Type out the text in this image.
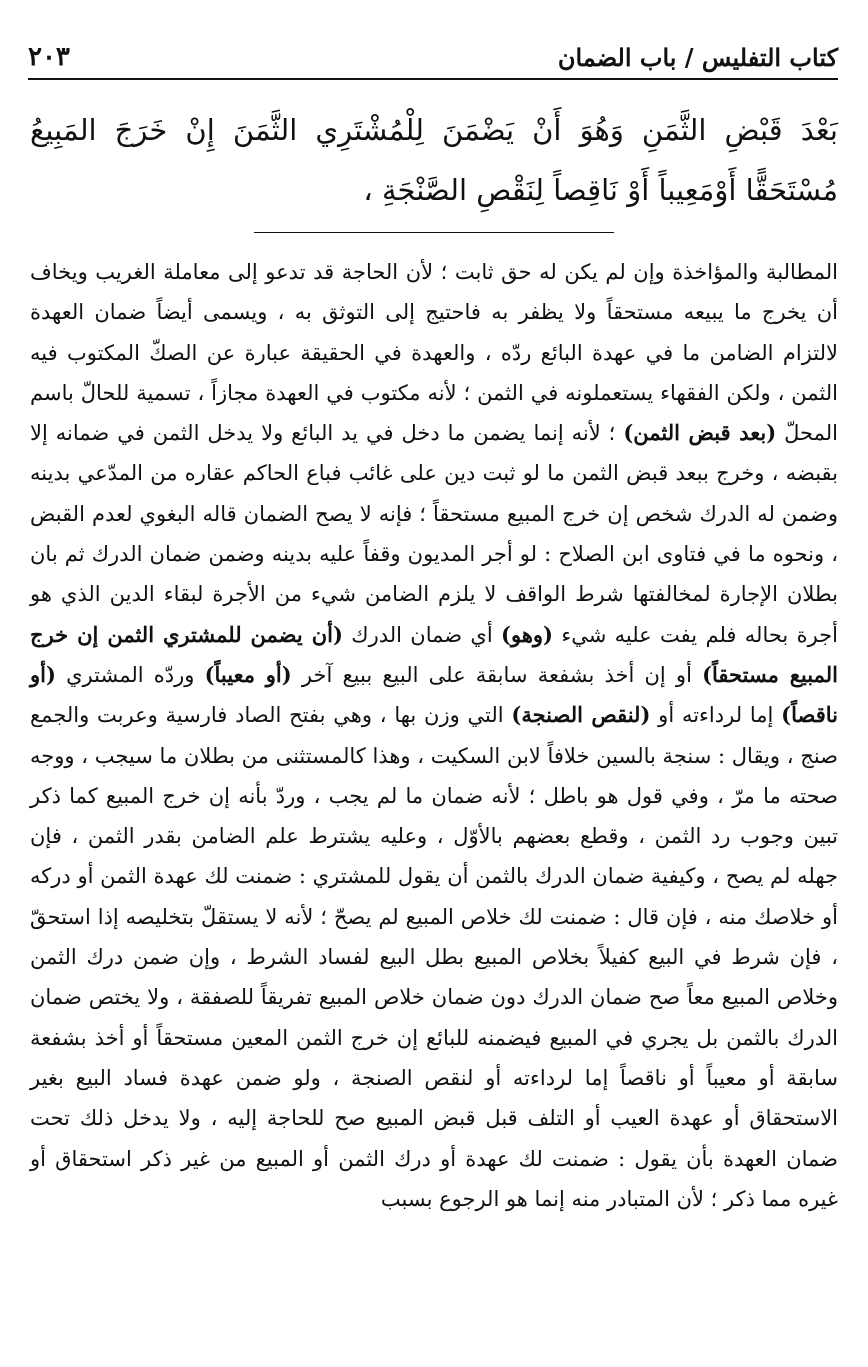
كتاب التفليس / باب الضمان
٢٠٣

بَعْدَ قَبْضِ الثَّمَنِ وَهُوَ أَنْ يَضْمَنَ لِلْمُشْتَرِي الثَّمَنَ إِنْ خَرَجَ المَبِيعُ مُسْتَحَقًّا أَوْمَعِيباً أَوْ نَاقِصاً لِنَقْصِ الصَّنْجَةِ ،

المطالبة والمؤاخذة وإن لم يكن له حق ثابت ؛ لأن الحاجة قد تدعو إلى معاملة الغريب ويخاف أن يخرج ما يبيعه مستحقاً ولا يظفر به فاحتيج إلى التوثق به ، ويسمى أيضاً ضمان العهدة لالتزام الضامن ما في عهدة البائع ردّه ، والعهدة في الحقيقة عبارة عن الصكّ المكتوب فيه الثمن ، ولكن الفقهاء يستعملونه في الثمن ؛ لأنه مكتوب في العهدة مجازاً ، تسمية للحالّ باسم المحلّ (بعد قبض الثمن) ؛ لأنه إنما يضمن ما دخل في يد البائع ولا يدخل الثمن في ضمانه إلا بقبضه ، وخرج ببعد قبض الثمن ما لو ثبت دين على غائب فباع الحاكم عقاره من المدّعي بدينه وضمن له الدرك شخص إن خرج المبيع مستحقاً ؛ فإنه لا يصح الضمان قاله البغوي لعدم القبض ، ونحوه ما في فتاوى ابن الصلاح : لو أجر المديون وقفاً عليه بدينه وضمن ضمان الدرك ثم بان بطلان الإجارة لمخالفتها شرط الواقف لا يلزم الضامن شيء من الأجرة لبقاء الدين الذي هو أجرة بحاله فلم يفت عليه شيء (وهو) أي ضمان الدرك (أن يضمن للمشتري الثمن إن خرج المبيع مستحقاً) أو إن أخذ بشفعة سابقة على البيع ببيع آخر (أو معيباً) وردّه المشتري (أو ناقصاً) إما لرداءته أو (لنقص الصنجة) التي وزن بها ، وهي بفتح الصاد فارسية وعربت والجمع صنج ، ويقال : سنجة بالسين خلافاً لابن السكيت ، وهذا كالمستثنى من بطلان ما سيجب ، ووجه صحته ما مرّ ، وفي قول هو باطل ؛ لأنه ضمان ما لم يجب ، وردّ بأنه إن خرج المبيع كما ذكر تبين وجوب رد الثمن ، وقطع بعضهم بالأوّل ، وعليه يشترط علم الضامن بقدر الثمن ، فإن جهله لم يصح ، وكيفية ضمان الدرك بالثمن أن يقول للمشتري : ضمنت لك عهدة الثمن أو دركه أو خلاصك منه ، فإن قال : ضمنت لك خلاص المبيع لم يصحّ ؛ لأنه لا يستقلّ بتخليصه إذا استحقّ ، فإن شرط في البيع كفيلاً بخلاص المبيع بطل البيع لفساد الشرط ، وإن ضمن درك الثمن وخلاص المبيع معاً صح ضمان الدرك دون ضمان خلاص المبيع تفريقاً للصفقة ، ولا يختص ضمان الدرك بالثمن بل يجري في المبيع فيضمنه للبائع إن خرج الثمن المعين مستحقاً أو أخذ بشفعة سابقة أو معيباً أو ناقصاً إما لرداءته أو لنقص الصنجة ، ولو ضمن عهدة فساد البيع بغير الاستحقاق أو عهدة العيب أو التلف قبل قبض المبيع صح للحاجة إليه ، ولا يدخل ذلك تحت ضمان العهدة بأن يقول : ضمنت لك عهدة أو درك الثمن أو المبيع من غير ذكر استحقاق أو غيره مما ذكر ؛ لأن المتبادر منه إنما هو الرجوع بسبب
